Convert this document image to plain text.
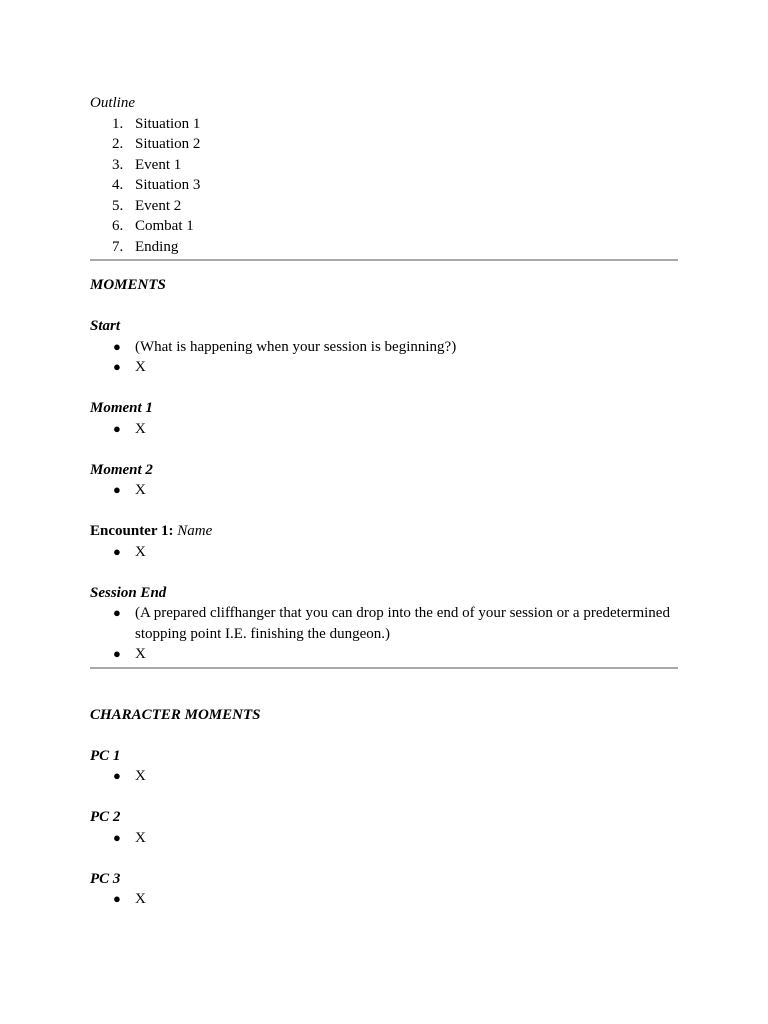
Outline

1. Situation 1
2. Situation 2
3. Event 1
4. Situation 3
5. Event 2
6. Combat 1
7. Ending

MOMENTS

Start

● (What is happening when your session is beginning?)
● X

Moment 1

● X

Moment 2

● X

Encounter 1: Name

● X

Session End

● (A prepared cliffhanger that you can drop into the end of your session or a predetermined stopping point I.E. finishing the dungeon.)
● X

CHARACTER MOMENTS

PC 1

● X

PC 2

● X

PC 3

● X
